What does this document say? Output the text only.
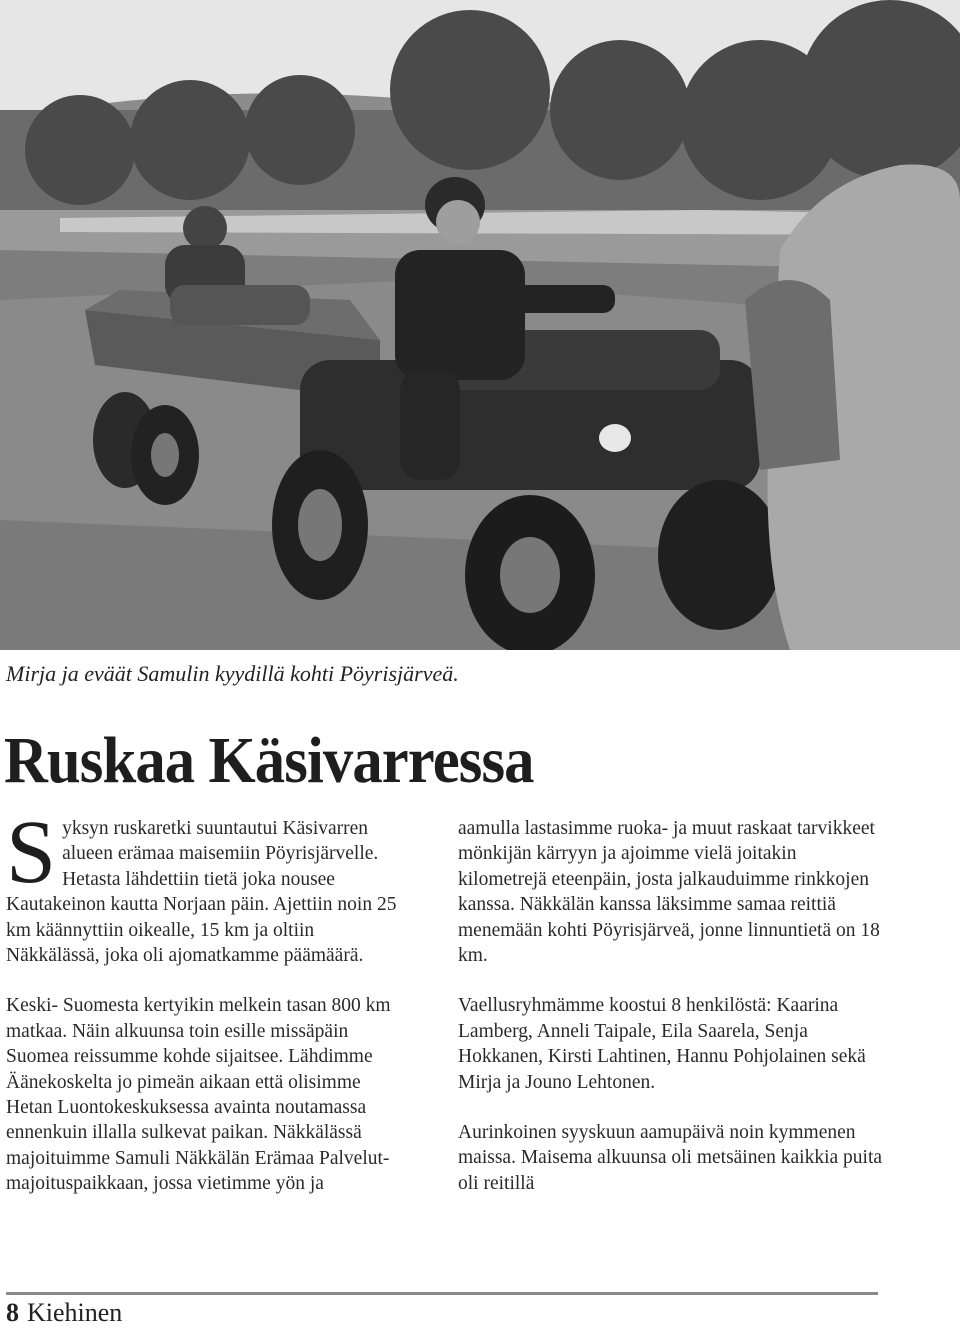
Mirja ja eväät Samulin kyydillä kohti Pöyrisjärveä.
Ruskaa Käsivarressa

Syksyn ruskaretki suuntautui Käsivarren alueen erämaa maisemiin Pöyrisjärvelle. Hetasta lähdettiin tietä joka nousee Kautakeinon kautta Norjaan päin. Ajettiin noin 25 km käännyttiin oikealle, 15 km ja oltiin Näkkälässä, joka oli ajomatkamme päämäärä.

Keski- Suomesta kertyikin melkein tasan 800 km matkaa. Näin alkuunsa toin esille missäpäin Suomea reissumme kohde sijaitsee. Lähdimme Äänekoskelta jo pimeän aikaan että olisimme Hetan Luontokeskuksessa avainta noutamassa ennenkuin illalla sulkevat paikan. Näkkälässä majoituimme Samuli Näkkälän Erämaa Palvelut- majoituspaikkaan, jossa vietimme yön ja

aamulla lastasimme ruoka- ja muut raskaat tarvikkeet mönkijän kärryyn ja ajoimme vielä joitakin kilometrejä eteenpäin, josta jalkauduimme rinkkojen kanssa. Näkkälän kanssa läksimme samaa reittiä menemään kohti Pöyrisjärveä, jonne linnuntietä on 18 km.

Vaellusryhmämme koostui 8 henkilöstä: Kaarina Lamberg, Anneli Taipale, Eila Saarela, Senja Hokkanen, Kirsti Lahtinen, Hannu Pohjolainen sekä Mirja ja Jouno Lehtonen.

Aurinkoinen syyskuun aamupäivä noin kymmenen maissa. Maisema alkuunsa oli metsäinen kaikkia puita oli reitillä

8 Kiehinen
